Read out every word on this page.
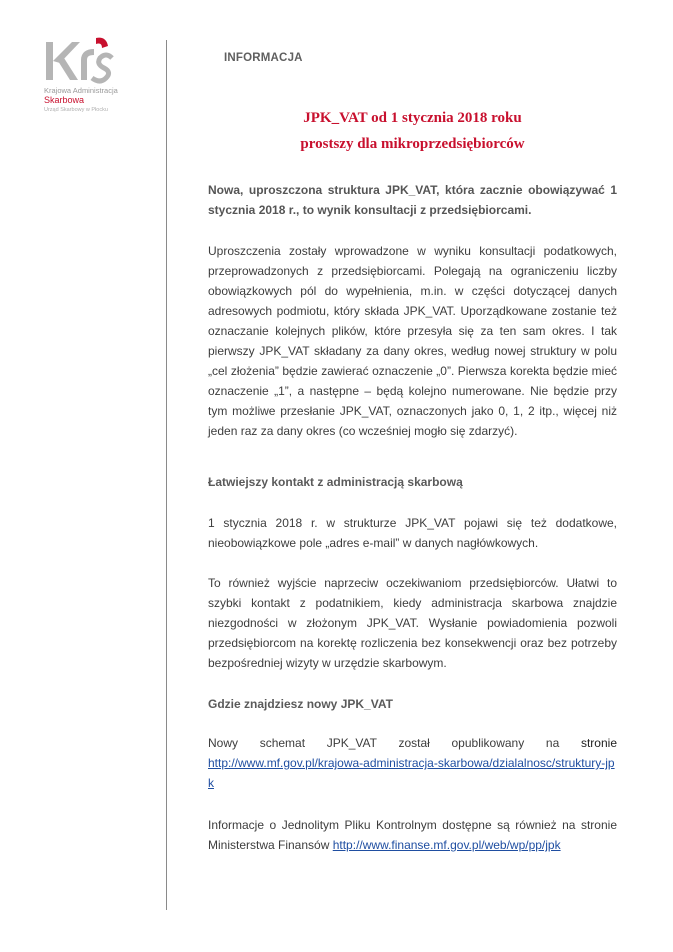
Krajowa Administracja
Skarbowa
Urząd Skarbowy w Płocku
INFORMACJA
JPK_VAT od 1 stycznia 2018 roku
prostszy dla mikroprzedsiębiorców

Nowa, uproszczona struktura JPK_VAT, która zacznie obowiązywać 1 stycznia 2018 r., to wynik konsultacji z przedsiębiorcami.

Uproszczenia zostały wprowadzone w wyniku konsultacji podatkowych, przeprowadzonych z przedsiębiorcami. Polegają na ograniczeniu liczby obowiązkowych pól do wypełnienia, m.in. w części dotyczącej danych adresowych podmiotu, który składa JPK_VAT. Uporządkowane zostanie też oznaczanie kolejnych plików, które przesyła się za ten sam okres. I tak pierwszy JPK_VAT składany za dany okres, według nowej struktury w polu „cel złożenia” będzie zawierać oznaczenie „0”. Pierwsza korekta będzie mieć oznaczenie „1”, a następne – będą kolejno numerowane. Nie będzie przy tym możliwe przesłanie JPK_VAT, oznaczonych jako 0, 1, 2 itp., więcej niż jeden raz za dany okres (co wcześniej mogło się zdarzyć).

Łatwiejszy kontakt z administracją skarbową

1 stycznia 2018 r. w strukturze JPK_VAT pojawi się też dodatkowe, nieobowiązkowe pole „adres e-mail” w danych nagłówkowych.

To również wyjście naprzeciw oczekiwaniom przedsiębiorców. Ułatwi to szybki kontakt z podatnikiem, kiedy administracja skarbowa znajdzie niezgodności w złożonym JPK_VAT. Wysłanie powiadomienia pozwoli przedsiębiorcom na korektę rozliczenia bez konsekwencji oraz bez potrzeby bezpośredniej wizyty w urzędzie skarbowym.

Gdzie znajdziesz nowy JPK_VAT

Nowy schemat JPK_VAT został opublikowany na stronie

http://www.mf.gov.pl/krajowa-administracja-skarbowa/dzialalnosc/struktury-jpk

Informacje o Jednolitym Pliku Kontrolnym dostępne są również na stronie Ministerstwa Finansów http://www.finanse.mf.gov.pl/web/wp/pp/jpk
